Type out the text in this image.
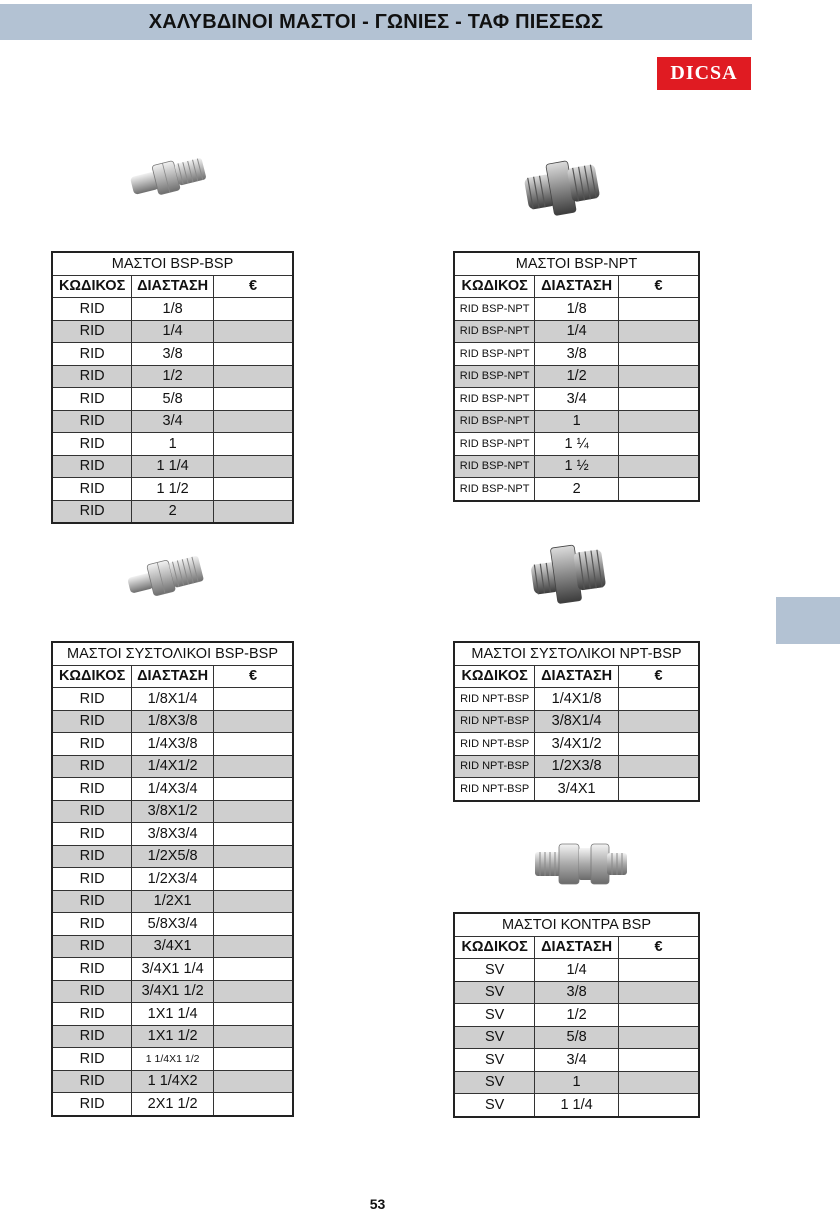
ΧΑΛΥΒΔΙΝΟΙ ΜΑΣΤΟΙ - ΓΩΝΙΕΣ - ΤΑΦ ΠΙΕΣΕΩΣ
DICSA
ΜΑΣΤΟΙ BSP-BSP		
ΚΩΔΙΚΟΣ	ΔΙΑΣΤΑΣΗ	€
RID	1/8	
RID	1/4	
RID	3/8	
RID	1/2	
RID	5/8	
RID	3/4	
RID	1	
RID	1 1/4	
RID	1 1/2	
RID	2	
ΜΑΣΤΟΙ BSP-NPT		
ΚΩΔΙΚΟΣ	ΔΙΑΣΤΑΣΗ	€
RID BSP-NPT	1/8	
RID BSP-NPT	1/4	
RID BSP-NPT	3/8	
RID BSP-NPT	1/2	
RID BSP-NPT	3/4	
RID BSP-NPT	1	
RID BSP-NPT	1 ¼	
RID BSP-NPT	1 ½	
RID BSP-NPT	2	
ΜΑΣΤΟΙ ΣΥΣΤΟΛΙΚΟΙ BSP-BSP		
ΚΩΔΙΚΟΣ	ΔΙΑΣΤΑΣΗ	€
RID	1/8X1/4	
RID	1/8X3/8	
RID	1/4X3/8	
RID	1/4X1/2	
RID	1/4X3/4	
RID	3/8X1/2	
RID	3/8X3/4	
RID	1/2X5/8	
RID	1/2X3/4	
RID	1/2X1	
RID	5/8X3/4	
RID	3/4X1	
RID	3/4X1 1/4	
RID	3/4X1 1/2	
RID	1X1 1/4	
RID	1X1 1/2	
RID	1 1/4X1 1/2	
RID	1 1/4X2	
RID	2X1 1/2	
ΜΑΣΤΟΙ ΣΥΣΤΟΛΙΚΟΙ NPT-BSP		
ΚΩΔΙΚΟΣ	ΔΙΑΣΤΑΣΗ	€
RID NPT-BSP	1/4X1/8	
RID NPT-BSP	3/8X1/4	
RID NPT-BSP	3/4X1/2	
RID NPT-BSP	1/2X3/8	
RID NPT-BSP	3/4X1	
ΜΑΣΤΟΙ ΚΟΝΤΡΑ BSP		
ΚΩΔΙΚΟΣ	ΔΙΑΣΤΑΣΗ	€
SV	1/4	
SV	3/8	
SV	1/2	
SV	5/8	
SV	3/4	
SV	1	
SV	1 1/4	
53
